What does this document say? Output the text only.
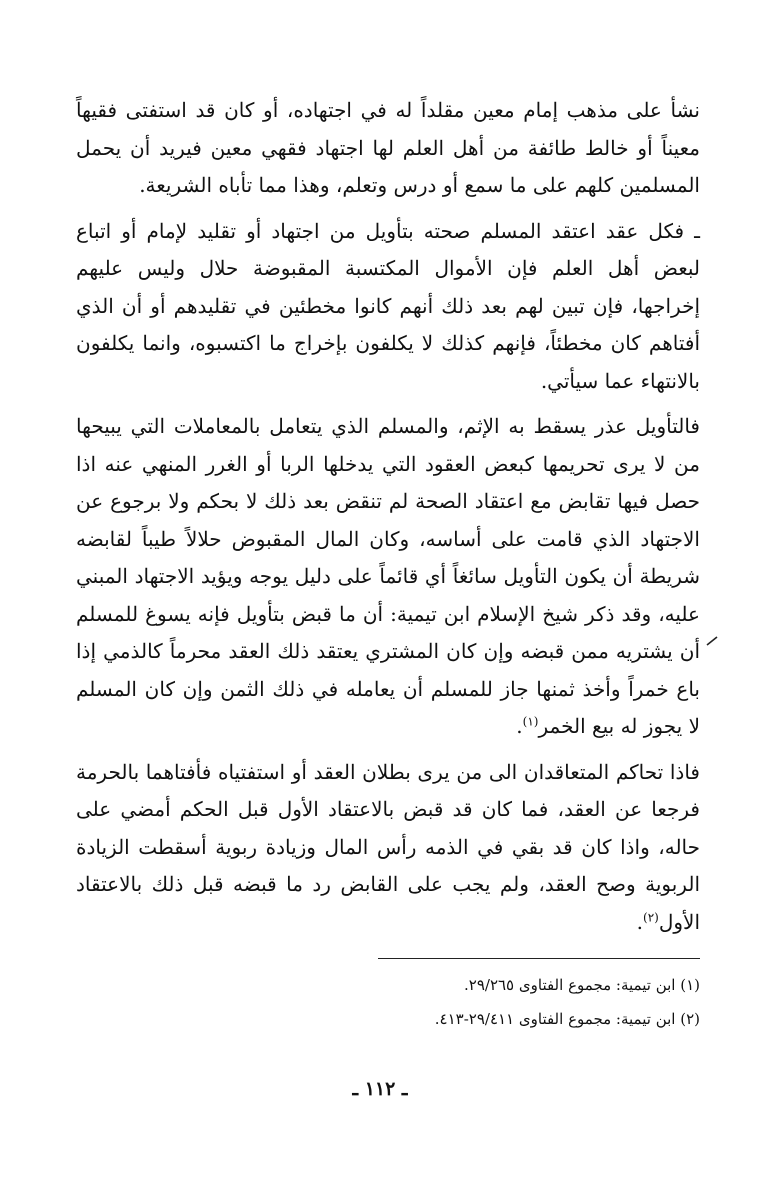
نشأ على مذهب إمام معين مقلداً له في اجتهاده، أو كان قد استفتى فقيهاً معيناً أو خالط طائفة من أهل العلم لها اجتهاد فقهي معين فيريد أن يحمل المسلمين كلهم على ما سمع أو درس وتعلم، وهذا مما تأباه الشريعة.

ـ فكل عقد اعتقد المسلم صحته بتأويل من اجتهاد أو تقليد لإمام أو اتباع لبعض أهل العلم فإن الأموال المكتسبة المقبوضة حلال وليس عليهم إخراجها، فإن تبين لهم بعد ذلك أنهم كانوا مخطئين في تقليدهم أو أن الذي أفتاهم كان مخطئاً، فإنهم كذلك لا يكلفون بإخراج ما اكتسبوه، وانما يكلفون بالانتهاء عما سيأتي.

فالتأويل عذر يسقط به الإثم، والمسلم الذي يتعامل بالمعاملات التي يبيحها من لا يرى تحريمها كبعض العقود التي يدخلها الربا أو الغرر المنهي عنه اذا حصل فيها تقابض مع اعتقاد الصحة لم تنقض بعد ذلك لا بحكم ولا برجوع عن الاجتهاد الذي قامت على أساسه، وكان المال المقبوض حلالاً طيباً لقابضه شريطة أن يكون التأويل سائغاً أي قائماً على دليل يوجه ويؤيد الاجتهاد المبني عليه، وقد ذكر شيخ الإسلام ابن تيمية: أن ما قبض بتأويل فإنه يسوغ للمسلم أن يشتريه ممن قبضه وإن كان المشتري يعتقد ذلك العقد محرماً كالذمي إذا باع خمراً وأخذ ثمنها جاز للمسلم أن يعامله في ذلك الثمن وإن كان المسلم لا يجوز له بيع الخمر$^{(١)}$.

فاذا تحاكم المتعاقدان الى من يرى بطلان العقد أو استفتياه فأفتاهما بالحرمة فرجعا عن العقد، فما كان قد قبض بالاعتقاد الأول قبل الحكم أمضي على حاله، واذا كان قد بقي في الذمه رأس المال وزيادة ربوية أسقطت الزيادة الربوية وصح العقد، ولم يجب على القابض رد ما قبضه قبل ذلك بالاعتقاد الأول$^{(٢)}$.

(١) ابن تيمية: مجموع الفتاوى ٢٩/٢٦٥.

(٢) ابن تيمية: مجموع الفتاوى ٢٩/٤١١-٤١٣.

ـ ١١٢ ـ
